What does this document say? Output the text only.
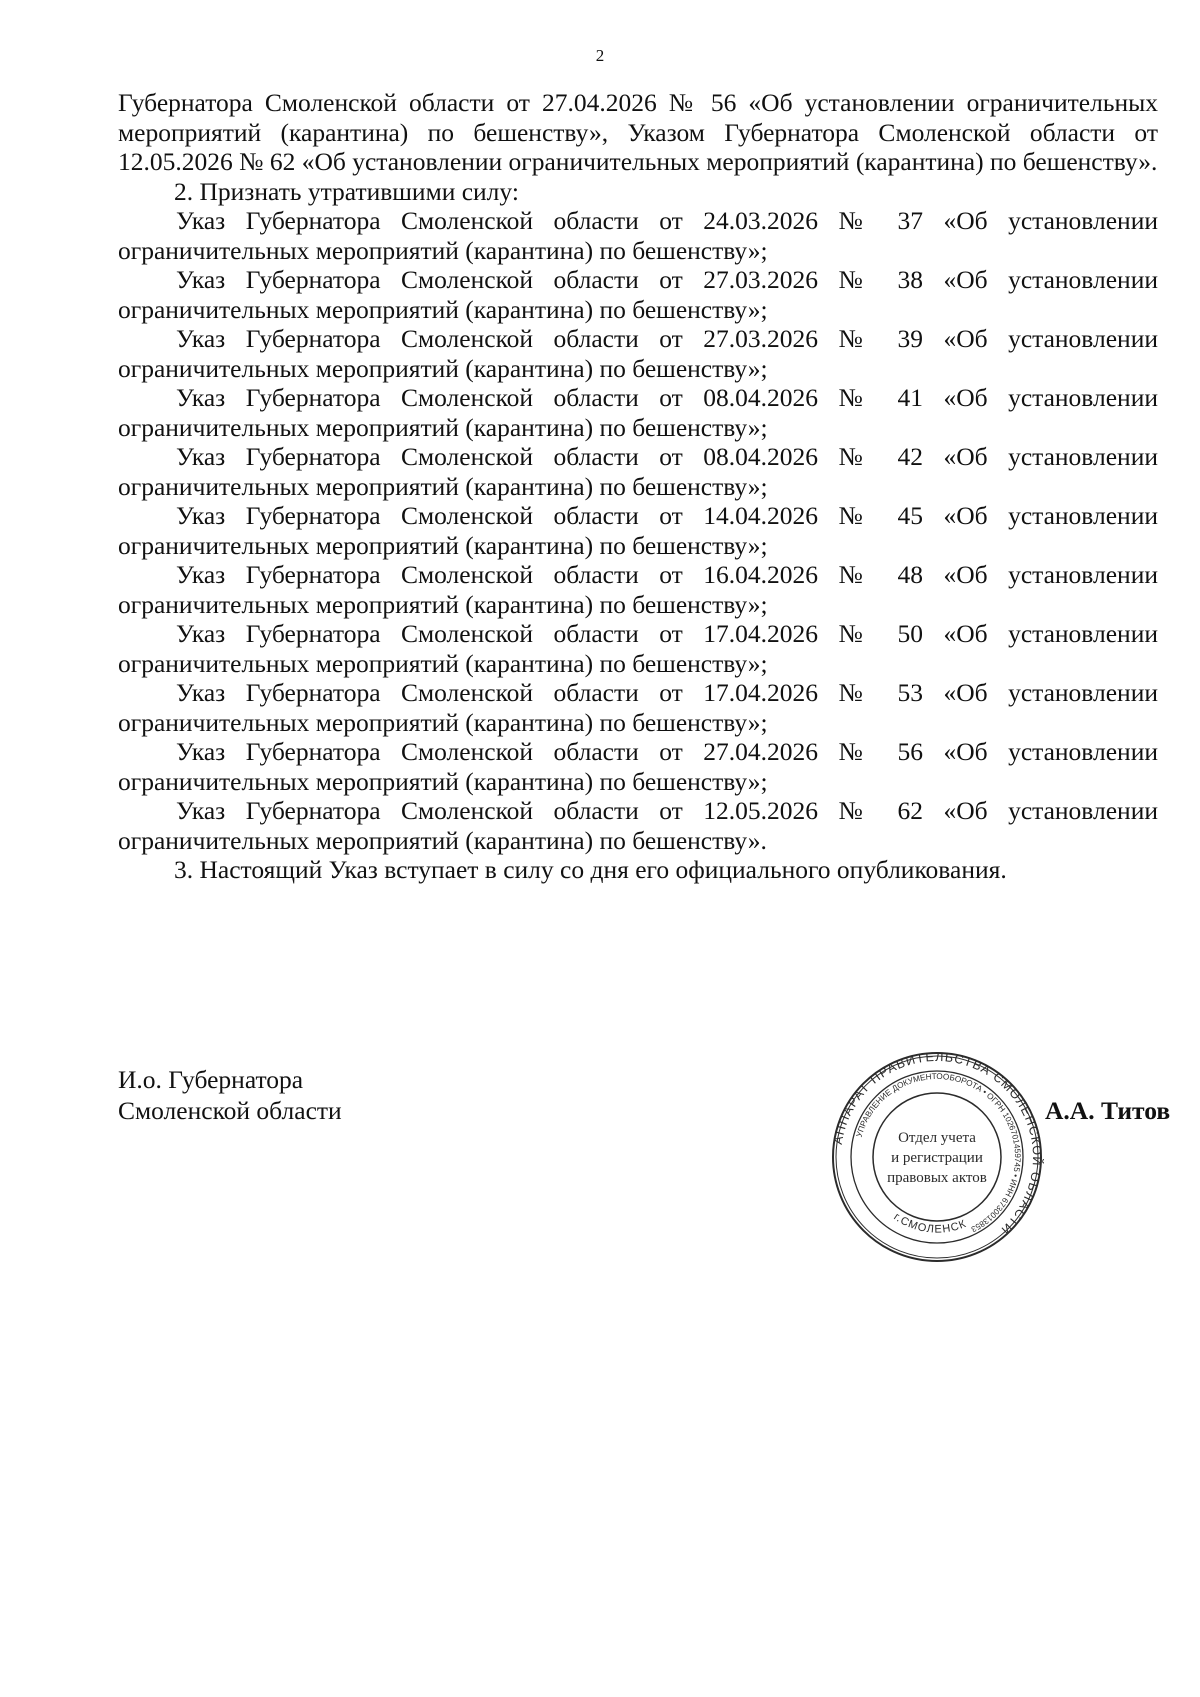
2

Губернатора Смоленской области от 27.04.2026 № 56 «Об установлении ограничительных мероприятий (карантина) по бешенству», Указом Губернатора Смоленской области от 12.05.2026 № 62 «Об установлении ограничительных мероприятий (карантина) по бешенству».

2. Признать утратившими силу:

Указ Губернатора Смоленской области от 24.03.2026 № 37 «Об установлении
ограничительных мероприятий (карантина) по бешенству»;

Указ Губернатора Смоленской области от 27.03.2026 № 38 «Об установлении
ограничительных мероприятий (карантина) по бешенству»;

Указ Губернатора Смоленской области от 27.03.2026 № 39 «Об установлении
ограничительных мероприятий (карантина) по бешенству»;

Указ Губернатора Смоленской области от 08.04.2026 № 41 «Об установлении
ограничительных мероприятий (карантина) по бешенству»;

Указ Губернатора Смоленской области от 08.04.2026 № 42 «Об установлении
ограничительных мероприятий (карантина) по бешенству»;

Указ Губернатора Смоленской области от 14.04.2026 № 45 «Об установлении
ограничительных мероприятий (карантина) по бешенству»;

Указ Губернатора Смоленской области от 16.04.2026 № 48 «Об установлении
ограничительных мероприятий (карантина) по бешенству»;

Указ Губернатора Смоленской области от 17.04.2026 № 50 «Об установлении
ограничительных мероприятий (карантина) по бешенству»;

Указ Губернатора Смоленской области от 17.04.2026 № 53 «Об установлении
ограничительных мероприятий (карантина) по бешенству»;

Указ Губернатора Смоленской области от 27.04.2026 № 56 «Об установлении
ограничительных мероприятий (карантина) по бешенству»;

Указ Губернатора Смоленской области от 12.05.2026 № 62 «Об установлении
ограничительных мероприятий (карантина) по бешенству».

3. Настоящий Указ вступает в силу со дня его официального опубликования.

И.о. Губернатора
Смоленской области
АППАРАТ ПРАВИТЕЛЬСТВА СМОЛЕНСКОЙ ОБЛАСТИ
УПРАВЛЕНИЕ ДОКУМЕНТООБОРОТА • ОГРН 1026701459745 • ИНН 6730013853
г.СМОЛЕНСК
Отдел учета
и регистрации
правовых актов
А.А. Титов
